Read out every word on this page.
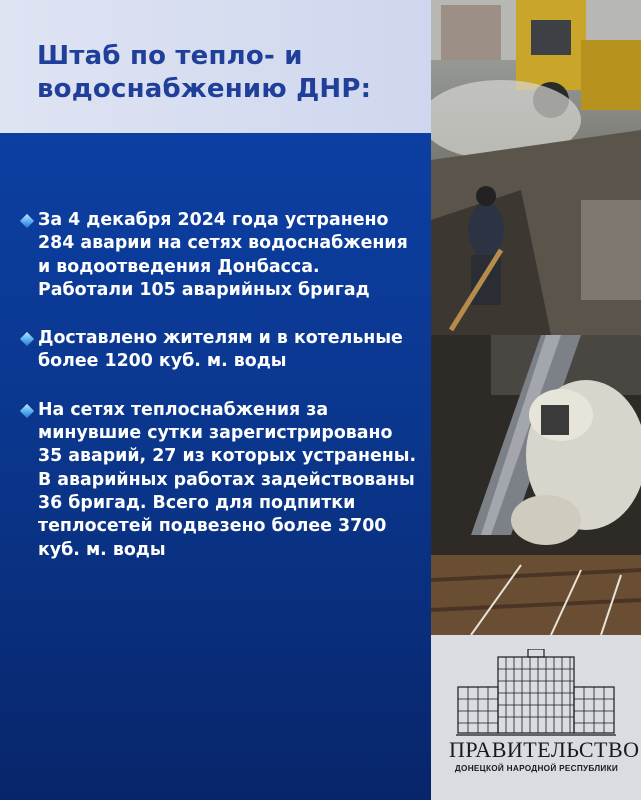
Штаб по тепло- и
водоснабжению ДНР:
За 4 декабря 2024 года устранено 284 аварии на сетях водоснабжения и водоотведения Донбасса. Работали 105 аварийных бригад
Доставлено жителям и в котельные более 1200 куб. м. воды
На сетях теплоснабжения за минувшие сутки зарегистрировано 35 аварий, 27 из которых устранены. В аварийных работах задействованы 36 бригад. Всего для подпитки теплосетей подвезено более 3700 куб. м. воды
ПРАВИТЕЛЬСТВО
ДОНЕЦКОЙ НАРОДНОЙ РЕСПУБЛИКИ
